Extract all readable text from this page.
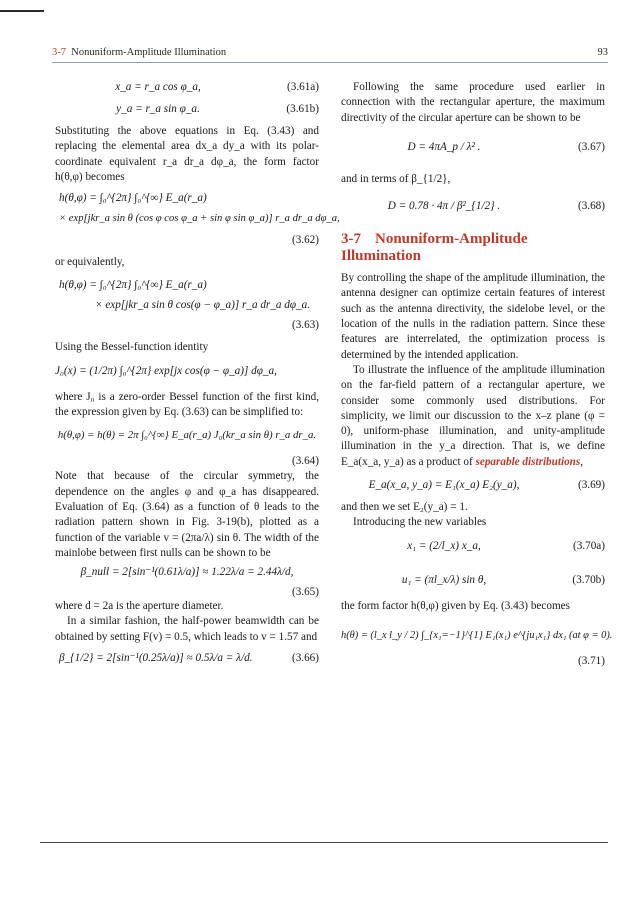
3-7 Nonuniform-Amplitude Illumination	93
x_a = r_a cos φ_a,	(3.61a)
y_a = r_a sin φ_a.	(3.61b)

Substituting the above equations in Eq. (3.43) and replacing the elemental area dx_a dy_a with its polar-coordinate equivalent r_a dr_a dφ_a, the form factor h(θ,φ) becomes

h(θ,φ) = ∫₀^{2π} ∫₀^{∞} E_a(r_a)
× exp[jkr_a sin θ (cos φ cos φ_a + sin φ sin φ_a)] r_a dr_a dφ_a,
(3.62)

or equivalently,

h(θ,φ) = ∫₀^{2π} ∫₀^{∞} E_a(r_a)
× exp[jkr_a sin θ cos(φ − φ_a)] r_a dr_a dφ_a.
(3.63)

Using the Bessel-function identity

J₀(x) = (1/2π) ∫₀^{2π} exp[jx cos(φ − φ_a)] dφ_a,

where J₀ is a zero-order Bessel function of the first kind, the expression given by Eq. (3.63) can be simplified to:

h(θ,φ) = h(θ) = 2π ∫₀^{∞} E_a(r_a) J₀(kr_a sin θ) r_a dr_a.
(3.64)

Note that because of the circular symmetry, the dependence on the angles φ and φ_a has disappeared. Evaluation of Eq. (3.64) as a function of θ leads to the radiation pattern shown in Fig. 3-19(b), plotted as a function of the variable v = (2πa/λ) sin θ. The width of the mainlobe between first nulls can be shown to be

β_null = 2[sin⁻¹(0.61λ/a)] ≈ 1.22λ/a = 2.44λ/d,
(3.65)

where d = 2a is the aperture diameter.

In a similar fashion, the half-power beamwidth can be obtained by setting F(v) = 0.5, which leads to v = 1.57 and

β_{1/2} = 2[sin⁻¹(0.25λ/a)] ≈ 0.5λ/a = λ/d.	(3.66)

Following the same procedure used earlier in connection with the rectangular aperture, the maximum directivity of the circular aperture can be shown to be

D = 4πA_p / λ² .	(3.67)

and in terms of β_{1/2},

D = 0.78 · 4π / β²_{1/2} .	(3.68)
3-7 Nonuniform-Amplitude Illumination

By controlling the shape of the amplitude illumination, the antenna designer can optimize certain features of interest such as the antenna directivity, the sidelobe level, or the location of the nulls in the radiation pattern. Since these features are interrelated, the optimization process is determined by the intended application.

To illustrate the influence of the amplitude illumination on the far-field pattern of a rectangular aperture, we consider some commonly used distributions. For simplicity, we limit our discussion to the x–z plane (φ = 0), uniform-phase illumination, and unity-amplitude illumination in the y_a direction. That is, we define E_a(x_a, y_a) as a product of separable distributions,

E_a(x_a, y_a) = E₁(x_a) E₂(y_a),	(3.69)

and then we set E₂(y_a) = 1.

Introducing the new variables

x₁ = (2/l_x) x_a,	(3.70a)
u₁ = (πl_x/λ) sin θ,	(3.70b)

the form factor h(θ,φ) given by Eq. (3.43) becomes

h(θ) = (l_x l_y / 2) ∫_{x₁=−1}^{1} E₁(x₁) e^{ju₁x₁} dx₁ (at φ = 0).
(3.71)
